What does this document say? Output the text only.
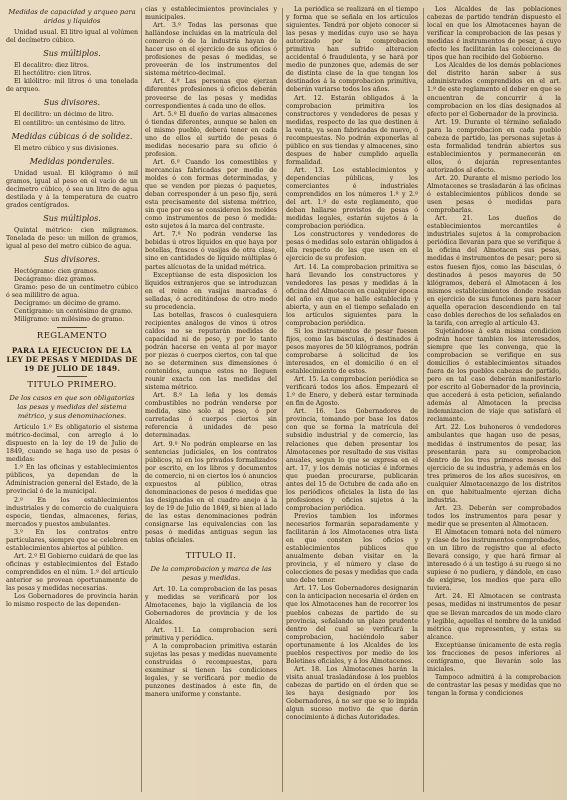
Medidas de capacidad y arqueo para áridos y líquidos

Unidad usual. El litro igual al volúmen del decímetro cúbico.

Sus múltiplos.

El decalitro: diez litros.

El hectólitro: cien litros.

El kilólitro: mil litros ó una tonelada de arqueo.

Sus divisores.

El decilitro: un décimo de litro.

El centilitro: un centésimo de litro.

Medidas cúbicas ó de solidez.

El metro cúbico y sus divisiones.

Medidas ponderales.

Unidad usual. El kilógramo ó mil gramos, igual al peso en el vacío de un decímetro cúbico, ó sea un litro de agua destilada y á la temperatura de cuatro grados centígrados.

Sus múltiplos.

Quintal métrico: cien milgramos. Tonelada de peso: un millon de gramos, igual al peso del metro cúbico de agua.

Sus divisores.

Hectógramo: cien gramos.

Decágramo: diez gramos.

Gramo: peso de un centímetro cúbico ó sea mililitro de agua.

Decígramo: un décimo de gramo.

Centígramo: un centésimo de gramo.

Milígramo: un milésimo de gramo.

REGLAMENTO

PARA LA EJECUCION DE LA LEY DE PESAS Y MEDIDAS DE 19 DE JULIO DE 1849.

TITULO PRIMERO.

De los casos en que son obligatorias las pesas y medidas del sistema métrico, y sus denominaciones.

Artículo 1.º Es obligatorio el sistema métrico-decimal, con arreglo á lo dispuesto en la ley de 19 de Julio de 1849, cuando se haga uso de pesas ó medidas:

1.º En las oficinas y establecimientos públicos, ya dependan de la Administracion general del Estado, de la provincial ó de la municipal.

2.º En los establecimientos industriales y de comercio de cualquiera especie, tiendas, almacenes, ferias, mercados y puestos ambulantes.

3.º En los contratos entre particulares, siempre que se celebren en establecimientos abiertos al público.

Art. 2.º El Gobierno cuidará de que las oficinas y establecimientos del Estado comprendidos en el núm. 1.º del artículo anterior se provean oportunamente de las pesas y medidas necesarias.

Los Gobernadores de provincia harán lo mismo respecto de las dependen-

cias y establecimientos provinciales y municipales.

Art. 3.º Todas las personas que hallándose incluidas en la matrícula del comercio ó de la industria hayan de hacer uso en el ejercicio de sus oficios ó profesiones de pesas ó medidas, se proveerán de los instrumentos del sistema métrico-decimal.

Art. 4.º Las personas que ejerzan diferentes profesiones ú oficios deberán proveerse de las pesas y medidas correspondientes á cada uno de ellos.

Art. 5.º El dueño de varias almacenes ó tiendas diferentes, aunque se halen en el mismo pueblo, deberá tener en cada uno de ellos el surtido de pesas ó medidas necesario para su oficio ó profesion.

Art. 6.º Cuando los comestibles y mercancías fabricadas por medio de moldes ó con formas determinadas, y que se venden por piezas ó paquetes, deban corresponder á un peso fijo, será esta precisamente del sistema métrico, sin que por eso se consideren los moldes como instrumentos de peso ó medida: esto sujetos á la marca del contraste.

Art. 7.º No podrán venderse las bebidas ú otros líquidos en que haya por botellas, frascos ó vasijas de otra clase, sino en cantidades de líquido múltiplas ó partes alícuotas de la unidad métrica.

Exceptúanse de esta disposicion los líquidos extranjeros que se introduzcan en el reino en vasijas marcadas ó selladas, ó acreditándose de otro modo su procedencia.

Las botellas, frascos ó cualesquiera recipientes análogos de vinos ú otros caldos no se reputarán medidas de capacidad ni de peso, y por lo tanto podrán hacerse en venta al por mayor por piezas ó cuerpos ciertos, con tal que no se determinen sus dimensiones ó contenidos, aunque estos no lleguen reunir exacta con las medidas del sistema métrico.

Art. 8.º La leña y los demás combustibles no podrán venderse por medida, sino solo al peso, ó por carretadas ó cuerpos ciertos sin referencia á unidades de peso determinadas.

Art. 9.º No podrán emplearse en las sentencias judiciales, en los contratos públicos, ni en los privados formalizados por escrito, en los libros y documentos de comercio, ni en ciertos los ó anuncios expuestos al público, otras denominaciones de pesos ó medidas que las designadas en el cuadro anejo á la ley de 19 de Julio de 1849, si bien al lado de las estas denominaciones podrán consignarse las equivalencias con las pesas ó medidas antiguas segun las tablas oficiales.

TITULO II.

De la comprobacion y marca de las pesas y medidas.

Art. 10. La comprobacion de las pesas y medidas se verificará por los Almotacenes, bajo la vigilancia de los Gobernadores de provincia y de los Alcaldes.

Art. 11. La comprobacion será primitiva y periódica.

A la comprobacion primitiva estarán sujetas las pesas y medidas nuevamente construidas ó recompuestas, para examinar si tienen las condiciones legales, y se verificará por medio de punzones destinados á este fin, de manera uniforme y constante.

La periódica se realizará en el tiempo y forma que se señala en los artículos siguientes. Tendrá por objeto conocer si las pesas y medidas cuyo uso se haya autorizado por la comprobacion primitiva han sufrido alteracion accidental ó fraudulenta, y se hará por medio de punzones que, además de ser de distinta clase de la que tengan los destinados á la comprobacion primitiva, deberán variarse todos los años.

Art. 12. Estarán obligados á la comprobacion primitiva los constructores y vendedores de pesas y medidas, respecto de las que destinen á la venta, ya sean fabricadas de nuevo, ó recompuestas. No podrán exponerlas al público en sus tiendas y almacenes, sino despues de haber cumplido aquella formalidad.

Art. 13. Los establecimientos y dependencias públicas, y los comerciantes é industriales comprendidos en los números 1.º y 2.º del art. 1.º de este reglamento, que deban hallarse provistos de pesas ó medidas legales, estarán sujetos á la comprobacion periódica.

Los constructores y vendedores de pesas ó medidas solo estarán obligados á ella respecto de las que usen en el ejercicio de su profesion.

Art. 14. La comprobacion primitiva se hará llevando los constructores y vendedores las pesas y medidas á la oficina del Almotacen en cualquier época del año en que se halle establecida y abierta, y aun en el tiempo señalado en los artículos siguientes para la comprobacion periódica.

Si los instrumentos de pesar fuesen fijos, como las básculas, ó destinados á pesos mayores de 50 kilógramos, podrán comprobarse á solicitud de los interesados, en el domicilio ó en el establecimiento de estos.

Art. 15. La comprobacion periódica se verificará todos los años. Empezará el 1.º de Enero, y deberá estar terminada en fin de Agosto.

Art. 16. Los Gobernadores de provincia, tomando por base los datos con que se forma la matrícula del subsidio industrial y de comercio, las relaciones que deben presentar los Almotacenes por resultado de sus visitas anuales, segun lo que se expresa en el art. 17, y los demás noticias é informes que puedan procurarse, publicarán antes del 15 de Octubre de cada año en los periódicos oficiales la lista de las profesiones y oficios sujetos á la comprobacion periódica.

Previos tambien los informes necesarios formarán separadamente y facilitarán á los Almotacenes otra lista en que consten los oficios y establecimientos públicos que anualmente deban visitar en la provincia, y el número y clase de colecciones de pesas y medidas que cada uno debe tener.

Art. 17. Los Gobernadores designarán con la anticipacion necesaria el órden en que los Almotacenes han de recorrer los pueblos cabezas de partido de su provincia, señalando un plazo prudente dentro del cual se verificará la comprobacion, haciéndolo saber oportunamente á los Alcaldes de los pueblos respectivos por medio de los Boletines oficiales, y á los Almotacenes.

Art. 18. Los Almotacenes harán la visita anual trasladándose á los pueblos cabezas de partido en el órden que se les haya designado por los Gobernadores, á no ser que se lo impida algun suceso motivo de que darán conocimiento á dichas Autoridades.

Los Alcaldes de las poblaciones cabezas de partido tendrán dispuesto el local en que los Almotacenes hayan de verificar la comprobacion de las pesas y medidas é instrumentos de pesar, á cuyo efecto les facilitarán las colecciones de tipos que han recibido del Gobierno.

Los Alcaldes de los demás poblaciones del distrito harán saber á sus administrados comprendidos en el art. 1.º de este reglamento el deber en que se encuentran de concurrir á la comprobacion en los días designados al efecto por el Gobernador de la provincia.

Art. 19. Durante el término señalado para la comprobacion en cada pueblo cabeza de partido, las personas sujetas á esta formalidad tendrán abiertos sus establecimientos y permanecerán en ellos, ó dejarán representantes autorizados al efecto.

Art. 20. Durante el mismo periodo los Almotacenes se trasladarán á las oficinas ó establecimientos públicos donde se usen pesas ó medidas para comprobarlas.

Art. 21. Los dueños de establecimientos mercantiles é industriales sujetos á la comprobacion periódica llevarán para que se verifique á la oficina del Almotacen sus pesas, medidas é instrumentos de pesar; pero si estos fuesen fijos, como las básculas, ó destinados á pesos mayores de 50 kilógramos, deberá el Almotacen á los mismos establecimientos donde residan en ejercicio de sus funciones para hacer aquella operacion descendiendo en tal caso dobles derechos de los señalados en la tarifa, con arreglo al artículo 43.

Sujetándose á esta misma condicion podrán hacer tambien los interesados, siempre que les convenga, que la comprobacion se verifique en sus domicilios ó establecimientos situados fuera de los pueblos cabezas de partido, pero en tal caso deberán manifestarlo por escrito al Gobernador de la provincia, que accederá á esta peticion, señalando además al Almotacen la precisa indemnizacion de viaje que satisfará el reclamante.

Art. 22. Los buhoneros ó vendedores ambulantes que hagan uso de pesas, medidas é instrumentos de pesar, las presentarán para su comprobacion dentro de los tres primeros meses del ejercicio de su industria, y además en los tres primeros de los años sucesivos, en cualquier Almotacenazgo de los distritos en que habitualmente ejerzan dicha industria.

Art. 23. Deberán ser comprobados todos los instrumentos para pesar y medir que se presenten al Almotacen.

El Almotacen tomará nota del número y clase de los instrumentos comprobados, en un libro de registro que al efecto llevará consigo, y que hará firmar al interesado ó á un testigo á su ruego si no supiese ó no pudiera, y dándole, en caso de exigirse, los medios que para ello tuviera.

Art. 24. El Almotacen se contrasta pesas, medidas ni instrumentos de pesar que se llevan marcados de un modo claro y legible, aquellas el nombre de la unidad métrica que representen, y estas su alcance.

Exceptúanse únicamente de esta regla los fracciones de pesos inferiores al centígramo, que llevarán solo las iniciales.

Tampoco admitirá á la comprobacion de contrastar las pesas y medidas que no tengan la forma y condiciones
